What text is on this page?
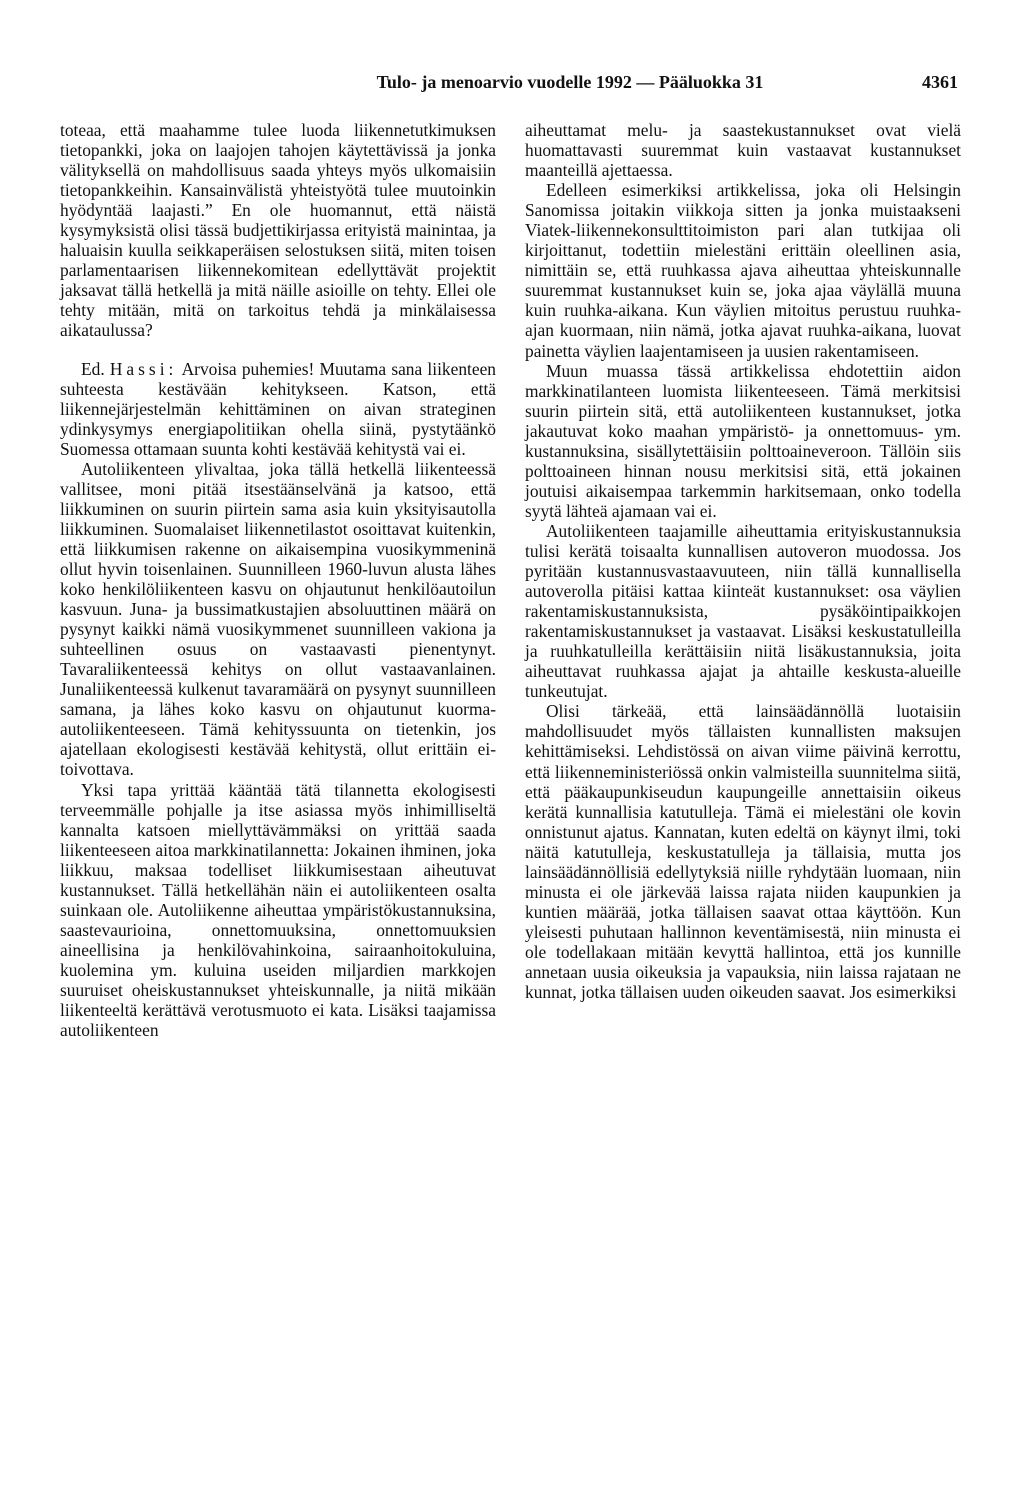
Tulo- ja menoarvio vuodelle 1992 — Pääluokka 31	4361

toteaa, että maahamme tulee luoda liikennetutkimuksen tietopankki, joka on laajojen tahojen käytettävissä ja jonka välityksellä on mahdollisuus saada yhteys myös ulkomaisiin tietopankkeihin. Kansainvälistä yhteistyötä tulee muutoinkin hyödyntää laajasti.” En ole huomannut, että näistä kysymyksistä olisi tässä budjettikirjassa erityistä mainintaa, ja haluaisin kuulla seikkaperäisen selostuksen siitä, miten toisen parlamentaarisen liikennekomitean edellyttävät projektit jaksavat tällä hetkellä ja mitä näille asioille on tehty. Ellei ole tehty mitään, mitä on tarkoitus tehdä ja minkälaisessa aikataulussa?

Ed. Hassi: Arvoisa puhemies! Muutama sana liikenteen suhteesta kestävään kehitykseen. Katson, että liikennejärjestelmän kehittäminen on aivan strateginen ydinkysymys energiapolitiikan ohella siinä, pystytäänkö Suomessa ottamaan suunta kohti kestävää kehitystä vai ei.

Autoliikenteen ylivaltaa, joka tällä hetkellä liikenteessä vallitsee, moni pitää itsestäänselvänä ja katsoo, että liikkuminen on suurin piirtein sama asia kuin yksityisautolla liikkuminen. Suomalaiset liikennetilastot osoittavat kuitenkin, että liikkumisen rakenne on aikaisempina vuosikymmeninä ollut hyvin toisenlainen. Suunnilleen 1960-luvun alusta lähes koko henkilöliikenteen kasvu on ohjautunut henkilöautoilun kasvuun. Juna- ja bussimatkustajien absoluuttinen määrä on pysynyt kaikki nämä vuosikymmenet suunnilleen vakiona ja suhteellinen osuus on vastaavasti pienentynyt. Tavaraliikenteessä kehitys on ollut vastaavanlainen. Junaliikenteessä kulkenut tavaramäärä on pysynyt suunnilleen samana, ja lähes koko kasvu on ohjautunut kuorma-autoliikenteeseen. Tämä kehityssuunta on tietenkin, jos ajatellaan ekologisesti kestävää kehitystä, ollut erittäin ei-toivottava.

Yksi tapa yrittää kääntää tätä tilannetta ekologisesti terveemmälle pohjalle ja itse asiassa myös inhimilliseltä kannalta katsoen miellyttävämmäksi on yrittää saada liikenteeseen aitoa markkinatilannetta: Jokainen ihminen, joka liikkuu, maksaa todelliset liikkumisestaan aiheutuvat kustannukset. Tällä hetkellähän näin ei autoliikenteen osalta suinkaan ole. Autoliikenne aiheuttaa ympäristökustannuksina, saastevaurioina, onnettomuuksina, onnettomuuksien aineellisina ja henkilövahinkoina, sairaanhoitokuluina, kuolemina ym. kuluina useiden miljardien markkojen suuruiset oheiskustannukset yhteiskunnalle, ja niitä mikään liikenteeltä kerättävä verotusmuoto ei kata. Lisäksi taajamissa autoliikenteen

aiheuttamat melu- ja saastekustannukset ovat vielä huomattavasti suuremmat kuin vastaavat kustannukset maanteillä ajettaessa.

Edelleen esimerkiksi artikkelissa, joka oli Helsingin Sanomissa joitakin viikkoja sitten ja jonka muistaakseni Viatek-liikennekonsulttitoimiston pari alan tutkijaa oli kirjoittanut, todettiin mielestäni erittäin oleellinen asia, nimittäin se, että ruuhkassa ajava aiheuttaa yhteiskunnalle suuremmat kustannukset kuin se, joka ajaa väylällä muuna kuin ruuhka-aikana. Kun väylien mitoitus perustuu ruuhka-ajan kuormaan, niin nämä, jotka ajavat ruuhka-aikana, luovat painetta väylien laajentamiseen ja uusien rakentamiseen.

Muun muassa tässä artikkelissa ehdotettiin aidon markkinatilanteen luomista liikenteeseen. Tämä merkitsisi suurin piirtein sitä, että autoliikenteen kustannukset, jotka jakautuvat koko maahan ympäristö- ja onnettomuus- ym. kustannuksina, sisällytettäisiin polttoaineveroon. Tällöin siis polttoaineen hinnan nousu merkitsisi sitä, että jokainen joutuisi aikaisempaa tarkemmin harkitsemaan, onko todella syytä lähteä ajamaan vai ei.

Autoliikenteen taajamille aiheuttamia erityiskustannuksia tulisi kerätä toisaalta kunnallisen autoveron muodossa. Jos pyritään kustannusvastaavuuteen, niin tällä kunnallisella autoverolla pitäisi kattaa kiinteät kustannukset: osa väylien rakentamiskustannuksista, pysäköintipaikkojen rakentamiskustannukset ja vastaavat. Lisäksi keskustatulleilla ja ruuhkatulleilla kerättäisiin niitä lisäkustannuksia, joita aiheuttavat ruuhkassa ajajat ja ahtaille keskusta-alueille tunkeutujat.

Olisi tärkeää, että lainsäädännöllä luotaisiin mahdollisuudet myös tällaisten kunnallisten maksujen kehittämiseksi. Lehdistössä on aivan viime päivinä kerrottu, että liikenneministeriössä onkin valmisteilla suunnitelma siitä, että pääkaupunkiseudun kaupungeille annettaisiin oikeus kerätä kunnallisia katutulleja. Tämä ei mielestäni ole kovin onnistunut ajatus. Kannatan, kuten edeltä on käynyt ilmi, toki näitä katutulleja, keskustatulleja ja tällaisia, mutta jos lainsäädännöllisiä edellytyksiä niille ryhdytään luomaan, niin minusta ei ole järkevää laissa rajata niiden kaupunkien ja kuntien määrää, jotka tällaisen saavat ottaa käyttöön. Kun yleisesti puhutaan hallinnon keventämisestä, niin minusta ei ole todellakaan mitään kevyttä hallintoa, että jos kunnille annetaan uusia oikeuksia ja vapauksia, niin laissa rajataan ne kunnat, jotka tällaisen uuden oikeuden saavat. Jos esimerkiksi
